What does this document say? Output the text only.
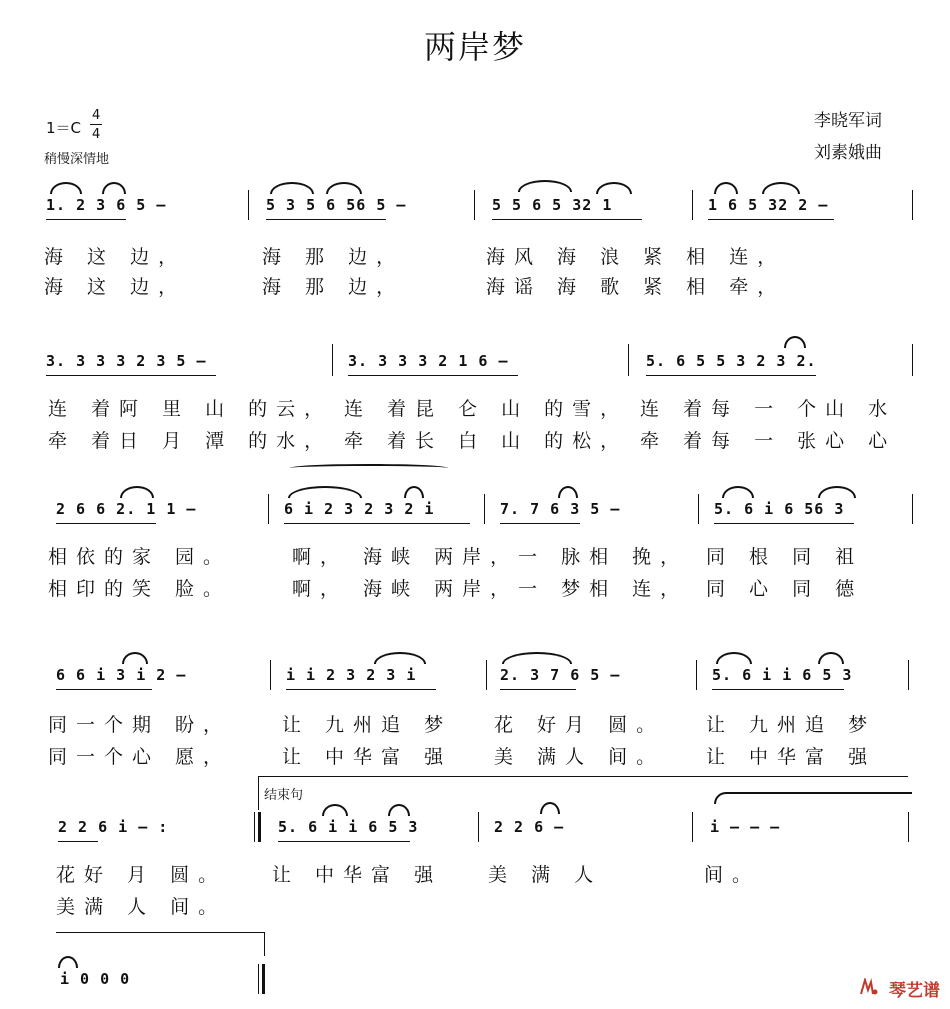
两岸梦
1＝C
4
4
稍慢深情地
李晓军词
刘素娥曲
1. 2 3 6 5 –	5 3 5 6 56 5 –	5 5 6 5 32 1	1 6 5 32 2 –
海 这 边，	海 那 边，	海风 海 浪 紧 相 连，
海 这 边，	海 那 边，	海谣 海 歌 紧 相 牵，
3. 3 3 3 2 3 5 –	3. 3 3 3 2 1 6 –	5. 6 5 5 3 2 3 2.
连 着阿 里 山 的云， 连 着昆 仑 山 的雪， 连 着每 一 个山 水
牵 着日 月 潭 的水， 牵 着长 白 山 的松， 牵 着每 一 张心 心
2 6 6 2. 1 1 –	6 i 2 3 2 3 2 i	7. 7 6 3 5 –	5. 6 i 6 56 3
相依的家 园。	啊， 海峡 两岸，一 脉相 挽， 同 根 同 祖
相印的笑 脸。	啊， 海峡 两岸，一 梦相 连， 同 心 同 德
6 6 i 3 i 2 –	i i 2 3 2 3 i	2. 3 7 6 5 –	5. 6 i i 6 5 3
同一个期 盼，	让 九州追 梦 花 好月 圆。 让 九州追 梦
同一个心 愿，	让 中华富 强 美 满人 间。 让 中华富 强
结束句
2 2 6 i – :	5. 6 i i 6 5 3	2 2 6 –	i – – –
花好 月 圆。 让 中华富 强 美 满 人	间。
美满 人 间。
i 0 0 0
琴艺谱
